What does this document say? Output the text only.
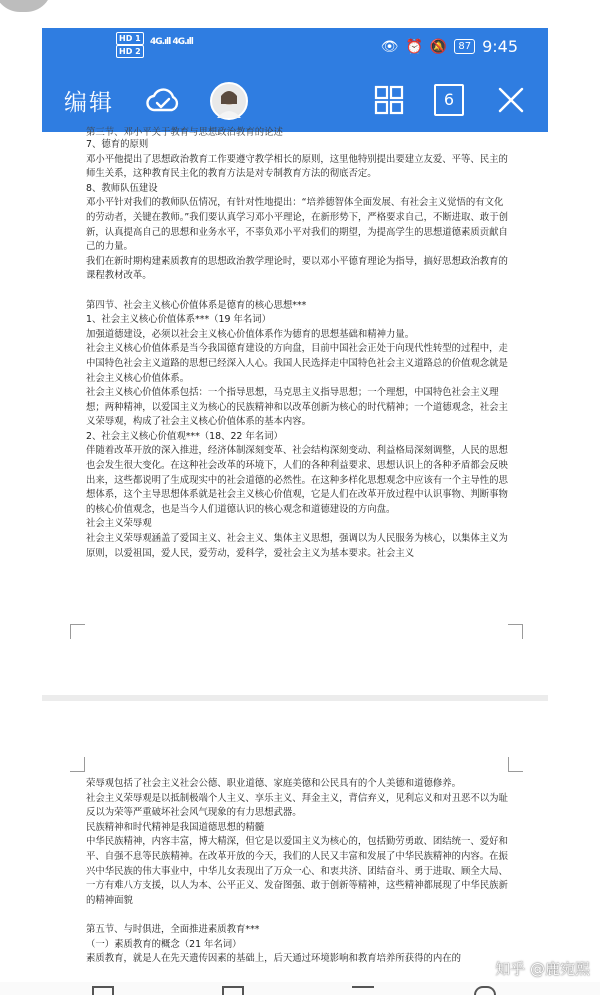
HD 1
HD 2
4G.ıll 4G.ıll	👁 ⏰ 🔕	87 9:45
编辑	6
第三节、邓小平关于教育与思想政治教育的论述

7、德育的原则

邓小平他提出了思想政治教育工作要遵守教学相长的原则，这里他特别提出要建立友爱、平等、民主的师生关系，这种教育民主化的教育方法是对专制教育方法的彻底否定。

8、教师队伍建设

邓小平针对我们的教师队伍情况，有针对性地提出：“培养德智体全面发展、有社会主义觉悟的有文化的劳动者，关键在教师。”我们要认真学习邓小平理论，在新形势下，严格要求自己，不断进取、敢于创新，认真提高自己的思想和业务水平，不辜负邓小平对我们的期望，为提高学生的思想道德素质贡献自己的力量。

我们在新时期构建素质教育的思想政治教学理论时，要以邓小平德育理论为指导，搞好思想政治教育的课程教材改革。

第四节、社会主义核心价值体系是德育的核心思想***

1、社会主义核心价值体系***（19 年名词）

加强道德建设，必须以社会主义核心价值体系作为德育的思想基础和精神力量。

社会主义核心价值体系是当今我国德育建设的方向盘，目前中国社会正处于向现代性转型的过程中，走中国特色社会主义道路的思想已经深入人心。我国人民选择走中国特色社会主义道路总的价值观念就是社会主义核心价值体系。

社会主义核心价值体系包括：一个指导思想，马克思主义指导思想；一个理想，中国特色社会主义理想；两种精神，以爱国主义为核心的民族精神和以改革创新为核心的时代精神；一个道德观念，社会主义荣辱观，构成了社会主义核心价值体系的基本内容。

2、社会主义核心价值观***（18、22 年名词）

伴随着改革开放的深入推进，经济体制深刻变革、社会结构深刻变动、利益格局深刻调整，人民的思想也会发生很大变化。在这种社会改革的环境下，人们的各种利益要求、思想认识上的各种矛盾都会反映出来，这些都说明了生成现实中的社会道德的必然性。在这种多样化思想观念中应该有一个主导性的思想体系，这个主导思想体系就是社会主义核心价值观，它是人们在改革开放过程中认识事物、判断事物的核心价值观念，也是当今人们道德认识的核心观念和道德建设的方向盘。

社会主义荣辱观

社会主义荣辱观涵盖了爱国主义、社会主义、集体主义思想，强调以为人民服务为核心，以集体主义为原则，以爱祖国，爱人民，爱劳动，爱科学，爱社会主义为基本要求。社会主义

荣辱观包括了社会主义社会公德、职业道德、家庭美德和公民具有的个人美德和道德修养。

社会主义荣辱观是以抵制极端个人主义、享乐主义、拜金主义，背信弃义，见利忘义和对丑恶不以为耻反以为荣等严重破坏社会风气现象的有力思想武器。

民族精神和时代精神是我国道德思想的精髓

中华民族精神，内容丰富，博大精深，但它是以爱国主义为核心的，包括勤劳勇敢、团结统一、爱好和平、自强不息等民族精神。在改革开放的今天，我们的人民又丰富和发展了中华民族精神的内容。在振兴中华民族的伟大事业中，中华儿女表现出了万众一心、和衷共济、团结奋斗、勇于进取、顾全大局、一方有难八方支援，以人为本、公平正义、发奋图强、敢于创新等精神，这些精神都展现了中华民族新的精神面貌

第五节、与时俱进，全面推进素质教育***

（一）素质教育的概念（21 年名词）

素质教育，就是人在先天遗传因素的基础上，后天通过环境影响和教育培养所获得的内在的

知乎 @鹿宛熙
